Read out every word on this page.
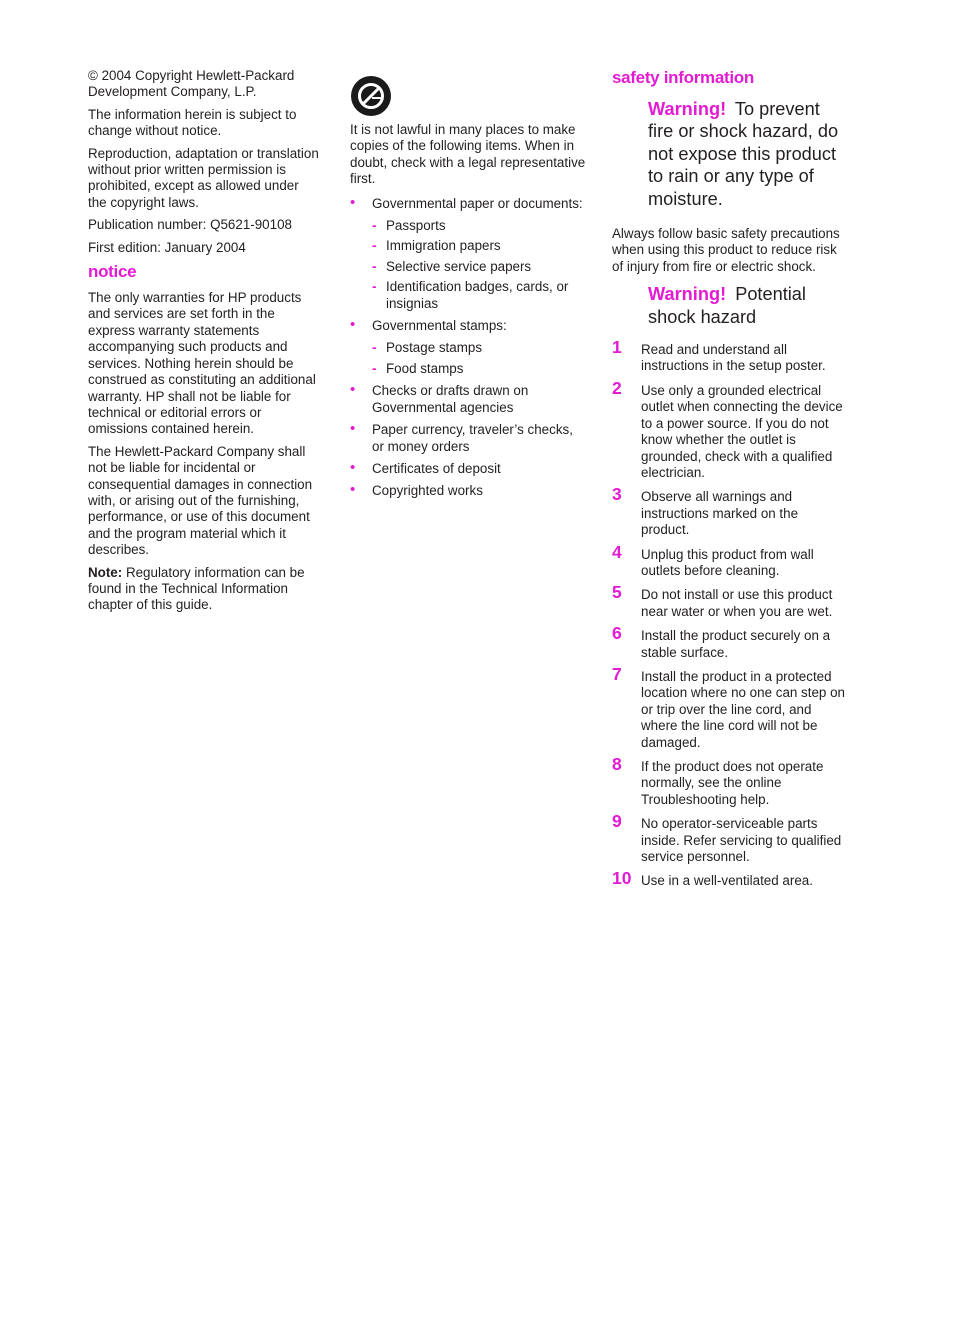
© 2004 Copyright Hewlett-Packard Development Company, L.P.

The information herein is subject to change without notice.

Reproduction, adaptation or translation without prior written permission is prohibited, except as allowed under the copyright laws.

Publication number: Q5621-90108

First edition: January 2004

notice

The only warranties for HP products and services are set forth in the express warranty statements accompanying such products and services. Nothing herein should be construed as constituting an additional warranty. HP shall not be liable for technical or editorial errors or omissions contained herein.

The Hewlett-Packard Company shall not be liable for incidental or consequential damages in connection with, or arising out of the furnishing, performance, or use of this document and the program material which it describes.

Note: Regulatory information can be found in the Technical Information chapter of this guide.

It is not lawful in many places to make copies of the following items. When in doubt, check with a legal representative first.

• Governmental paper or documents:
- Passports
- Immigration papers
- Selective service papers
- Identification badges, cards, or insignias
• Governmental stamps:
- Postage stamps
- Food stamps
• Checks or drafts drawn on Governmental agencies
• Paper currency, traveler’s checks, or money orders
• Certificates of deposit
• Copyrighted works
safety information
Warning! To prevent fire or shock hazard, do not expose this product to rain or any type of moisture.

Always follow basic safety precautions when using this product to reduce risk of injury from fire or electric shock.

Warning! Potential shock hazard
1 Read and understand all instructions in the setup poster.
2 Use only a grounded electrical outlet when connecting the device to a power source. If you do not know whether the outlet is grounded, check with a qualified electrician.
3 Observe all warnings and instructions marked on the product.
4 Unplug this product from wall outlets before cleaning.
5 Do not install or use this product near water or when you are wet.
6 Install the product securely on a stable surface.
7 Install the product in a protected location where no one can step on or trip over the line cord, and where the line cord will not be damaged.
8 If the product does not operate normally, see the online Troubleshooting help.
9 No operator-serviceable parts inside. Refer servicing to qualified service personnel.
10 Use in a well-ventilated area.
